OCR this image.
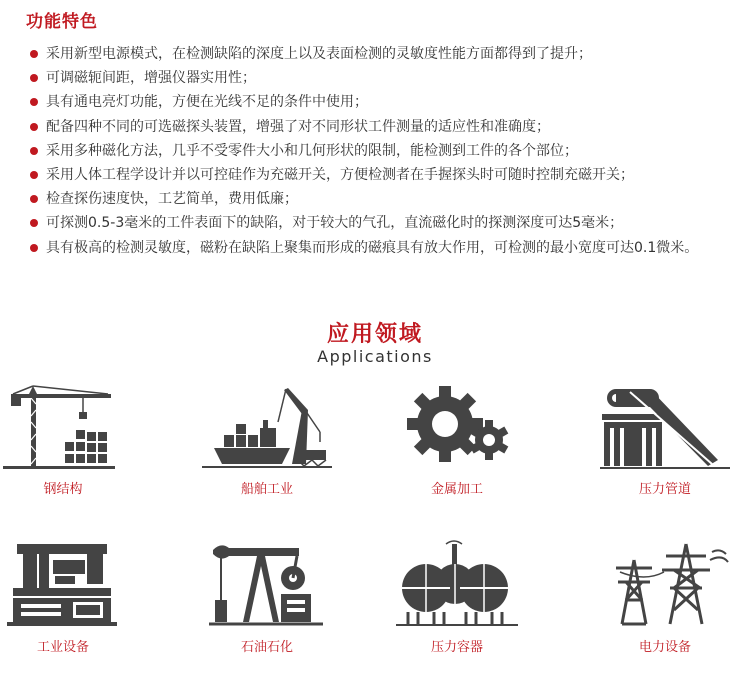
功能特色
采用新型电源模式，在检测缺陷的深度上以及表面检测的灵敏度性能方面都得到了提升；
可调磁轭间距，增强仪器实用性；
具有通电亮灯功能，方便在光线不足的条件中使用；
配备四种不同的可选磁探头装置，增强了对不同形状工件测量的适应性和准确度；
采用多种磁化方法，几乎不受零件大小和几何形状的限制，能检测到工件的各个部位；
采用人体工程学设计并以可控硅作为充磁开关，方便检测者在手握探头时可随时控制充磁开关；
检查探伤速度快，工艺简单，费用低廉；
可探测0.5-3毫米的工件表面下的缺陷，对于较大的气孔，直流磁化时的探测深度可达5毫米；
具有极高的检测灵敏度，磁粉在缺陷上聚集而形成的磁痕具有放大作用，可检测的最小宽度可达0.1微米。
应用领域
Applications
钢结构	船舶工业	金属加工	压力管道
工业设备	石油石化	压力容器	电力设备
